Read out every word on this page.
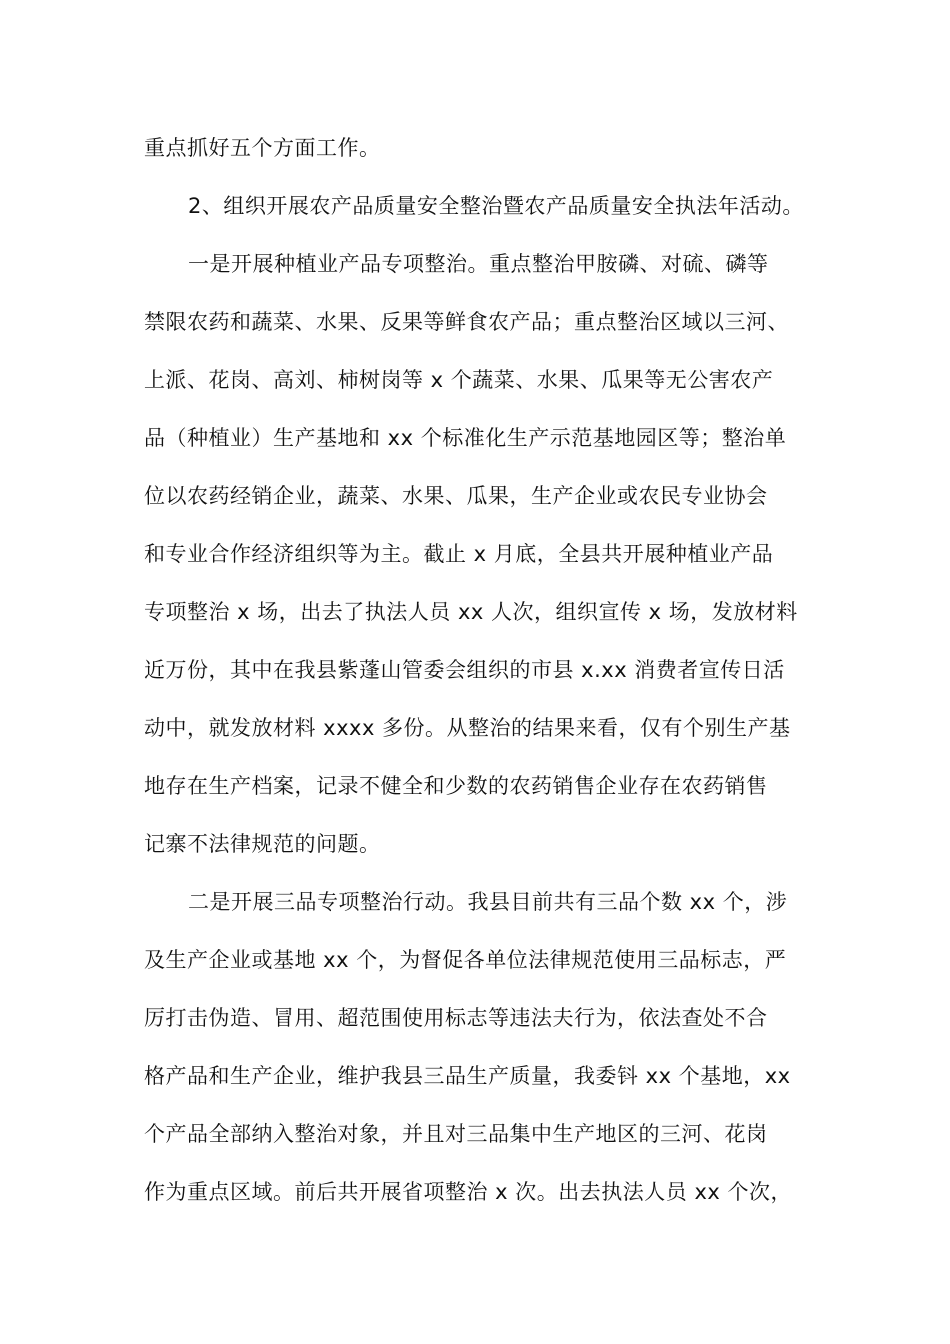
重点抓好五个方面工作。
2、组织开展农产品质量安全整治暨农产品质量安全执法年活动。
一是开展种植业产品专项整治。重点整治甲胺磷、对硫、磷等
禁限农药和蔬菜、水果、反果等鲜食农产品；重点整治区域以三河、
上派、花岗、高刘、柿树岗等 x 个蔬菜、水果、瓜果等无公害农产
品（种植业）生产基地和 xx 个标准化生产示范基地园区等；整治单
位以农药经销企业，蔬菜、水果、瓜果，生产企业或农民专业协会
和专业合作经济组织等为主。截止 x 月底，全县共开展种植业产品
专项整治 x 场，出去了执法人员 xx 人次，组织宣传 x 场，发放材料
近万份，其中在我县紫蓬山管委会组织的市县 x.xx 消费者宣传日活
动中，就发放材料 xxxx 多份。从整治的结果来看，仅有个别生产基
地存在生产档案，记录不健全和少数的农药销售企业存在农药销售
记寨不法律规范的问题。
二是开展三品专项整治行动。我县目前共有三品个数 xx 个，涉
及生产企业或基地 xx 个，为督促各单位法律规范使用三品标志，严
厉打击伪造、冒用、超范围使用标志等违法夫行为，依法查处不合
格产品和生产企业，维护我县三品生产质量，我委钭 xx 个基地，xx
个产品全部纳入整治对象，并且对三品集中生产地区的三河、花岗
作为重点区域。前后共开展省项整治 x 次。出去执法人员 xx 个次，
